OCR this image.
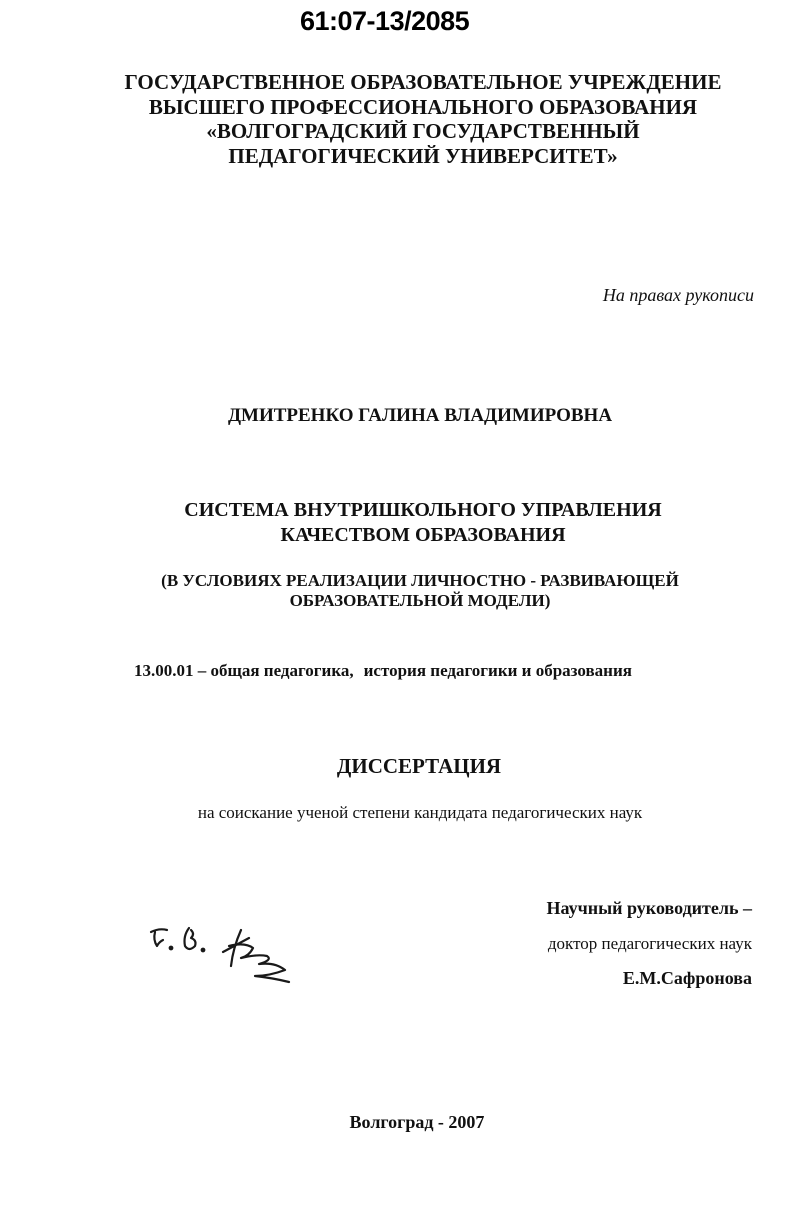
61:07-13/2085
ГОСУДАРСТВЕННОЕ ОБРАЗОВАТЕЛЬНОЕ УЧРЕЖДЕНИЕ
ВЫСШЕГО ПРОФЕССИОНАЛЬНОГО ОБРАЗОВАНИЯ
«ВОЛГОГРАДСКИЙ ГОСУДАРСТВЕННЫЙ
ПЕДАГОГИЧЕСКИЙ УНИВЕРСИТЕТ»
На правах рукописи
ДМИТРЕНКО ГАЛИНА ВЛАДИМИРОВНА
СИСТЕМА ВНУТРИШКОЛЬНОГО УПРАВЛЕНИЯ
КАЧЕСТВОМ ОБРАЗОВАНИЯ
(В УСЛОВИЯХ РЕАЛИЗАЦИИ ЛИЧНОСТНО - РАЗВИВАЮЩЕЙ
ОБРАЗОВАТЕЛЬНОЙ МОДЕЛИ)
13.00.01 – общая педагогика, история педагогики и образования
ДИССЕРТАЦИЯ
на соискание ученой степени кандидата педагогических наук
Научный руководитель –
доктор педагогических наук
Е.М.Сафронова
Волгоград - 2007
